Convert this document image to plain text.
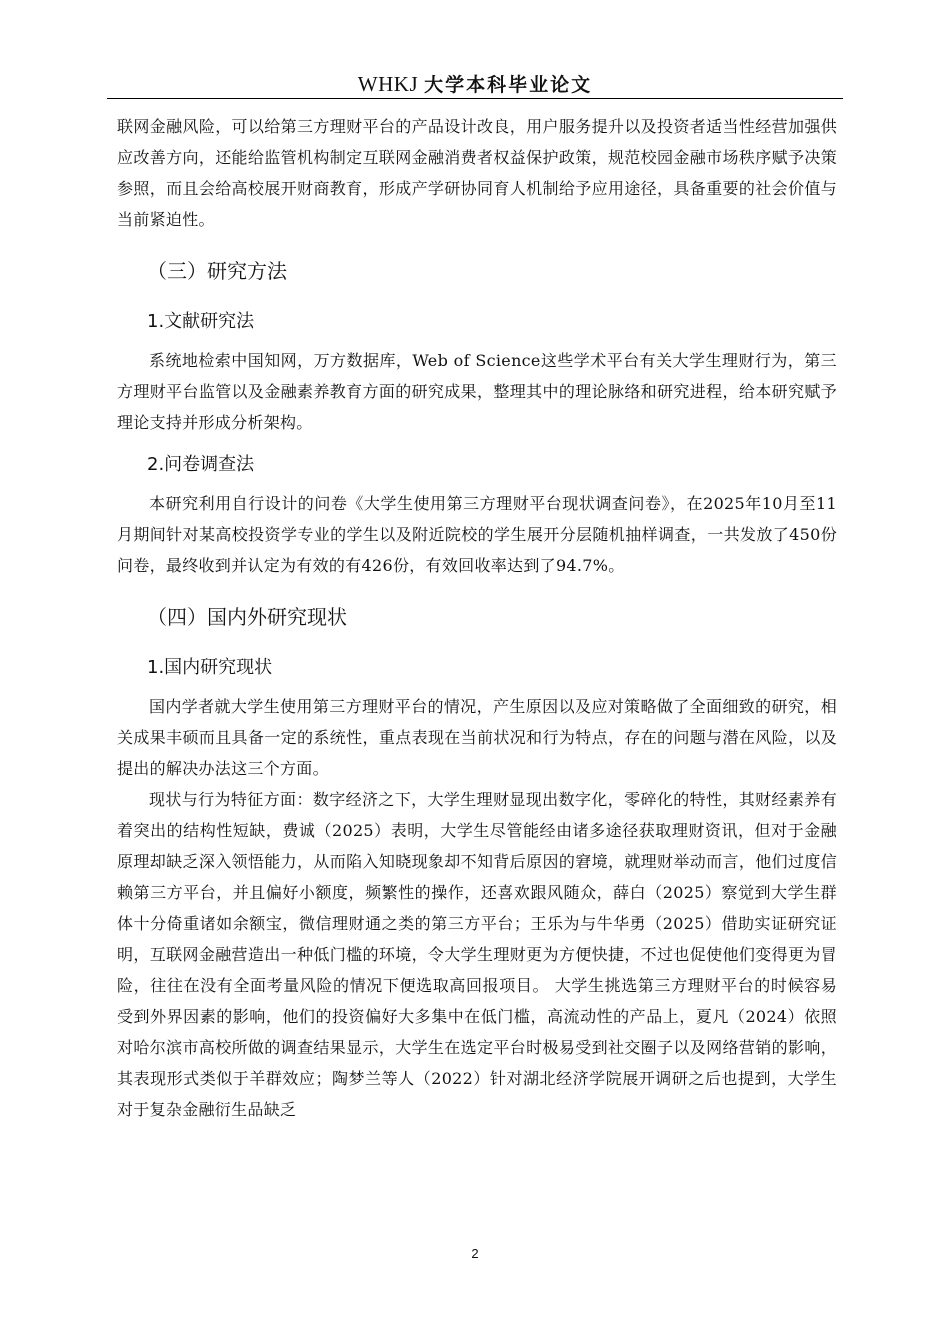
WHKJ 大学本科毕业论文

联网金融风险，可以给第三方理财平台的产品设计改良，用户服务提升以及投资者适当性经营加强供应改善方向，还能给监管机构制定互联网金融消费者权益保护政策，规范校园金融市场秩序赋予决策参照，而且会给高校展开财商教育，形成产学研协同育人机制给予应用途径，具备重要的社会价值与当前紧迫性。

（三）研究方法
1.文献研究法

系统地检索中国知网，万方数据库，Web of Science这些学术平台有关大学生理财行为，第三方理财平台监管以及金融素养教育方面的研究成果，整理其中的理论脉络和研究进程，给本研究赋予理论支持并形成分析架构。

2.问卷调查法

本研究利用自行设计的问卷《大学生使用第三方理财平台现状调查问卷》，在2025年10月至11月期间针对某高校投资学专业的学生以及附近院校的学生展开分层随机抽样调查，一共发放了450份问卷，最终收到并认定为有效的有426份，有效回收率达到了94.7%。

（四）国内外研究现状
1.国内研究现状

国内学者就大学生使用第三方理财平台的情况，产生原因以及应对策略做了全面细致的研究，相关成果丰硕而且具备一定的系统性，重点表现在当前状况和行为特点，存在的问题与潜在风险，以及提出的解决办法这三个方面。

现状与行为特征方面：数字经济之下，大学生理财显现出数字化，零碎化的特性，其财经素养有着突出的结构性短缺，费诚（2025）表明，大学生尽管能经由诸多途径获取理财资讯，但对于金融原理却缺乏深入领悟能力，从而陷入知晓现象却不知背后原因的窘境，就理财举动而言，他们过度信赖第三方平台，并且偏好小额度，频繁性的操作，还喜欢跟风随众，薛白（2025）察觉到大学生群体十分倚重诸如余额宝，微信理财通之类的第三方平台；王乐为与牛华勇（2025）借助实证研究证明，互联网金融营造出一种低门槛的环境，令大学生理财更为方便快捷，不过也促使他们变得更为冒险，往往在没有全面考量风险的情况下便选取高回报项目。 大学生挑选第三方理财平台的时候容易受到外界因素的影响，他们的投资偏好大多集中在低门槛，高流动性的产品上，夏凡（2024）依照对哈尔滨市高校所做的调查结果显示，大学生在选定平台时极易受到社交圈子以及网络营销的影响，其表现形式类似于羊群效应；陶梦兰等人（2022）针对湖北经济学院展开调研之后也提到，大学生对于复杂金融衍生品缺乏

2
